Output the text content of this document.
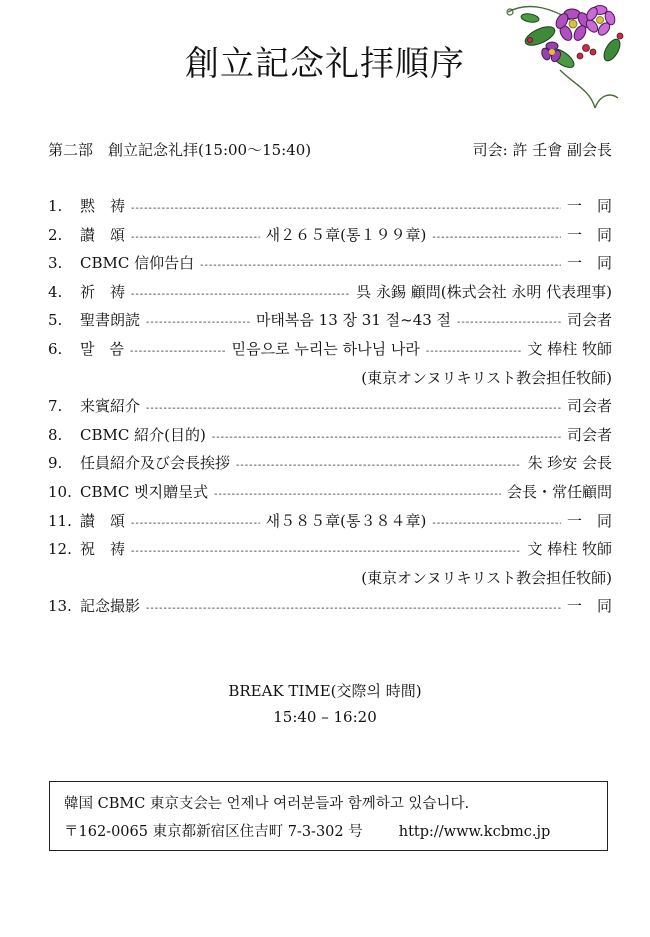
創立記念礼拝順序
第二部　創立記念礼拝(15:00～15:40)	司会: 許 壬會 副会長
1.	黙　祷 -----	一　同
2.	讃　頌 -----	새２６５章(통１９９章) -----	一　同
3.	CBMC 信仰告白 -----	一　同
4.	祈　祷 -----	呉 永錫 顧問(株式会社 永明 代表理事)
5.	聖書朗読 -----	마태복음 13 장 31 절~43 절 -----	司会者
6.	말　씀 -----	믿음으로 누리는 하나님 나라 -----	文 棒柱 牧師
(東京オンヌリキリスト教会担任牧師)
7.	来賓紹介 -----	司会者
8.	CBMC 紹介(目的) -----	司会者
9.	任員紹介及び会長挨拶 -----	朱 珍安 会長
10. CBMC 벳지贈呈式 -----	会長・常任顧問
11. 讃　頌 -----	새５８５章(통３８４章) -----	一　同
12. 祝　祷 -----	文 棒柱 牧師
(東京オンヌリキリスト教会担任牧師)
13. 記念撮影 -----	一　同
BREAK TIME(交際의 時間)
15:40 – 16:20
韓国 CBMC 東京支会는 언제나 여러분들과 함께하고 있습니다.
〒162-0065 東京都新宿区住吉町 7-3-302 号 http://www.kcbmc.jp
